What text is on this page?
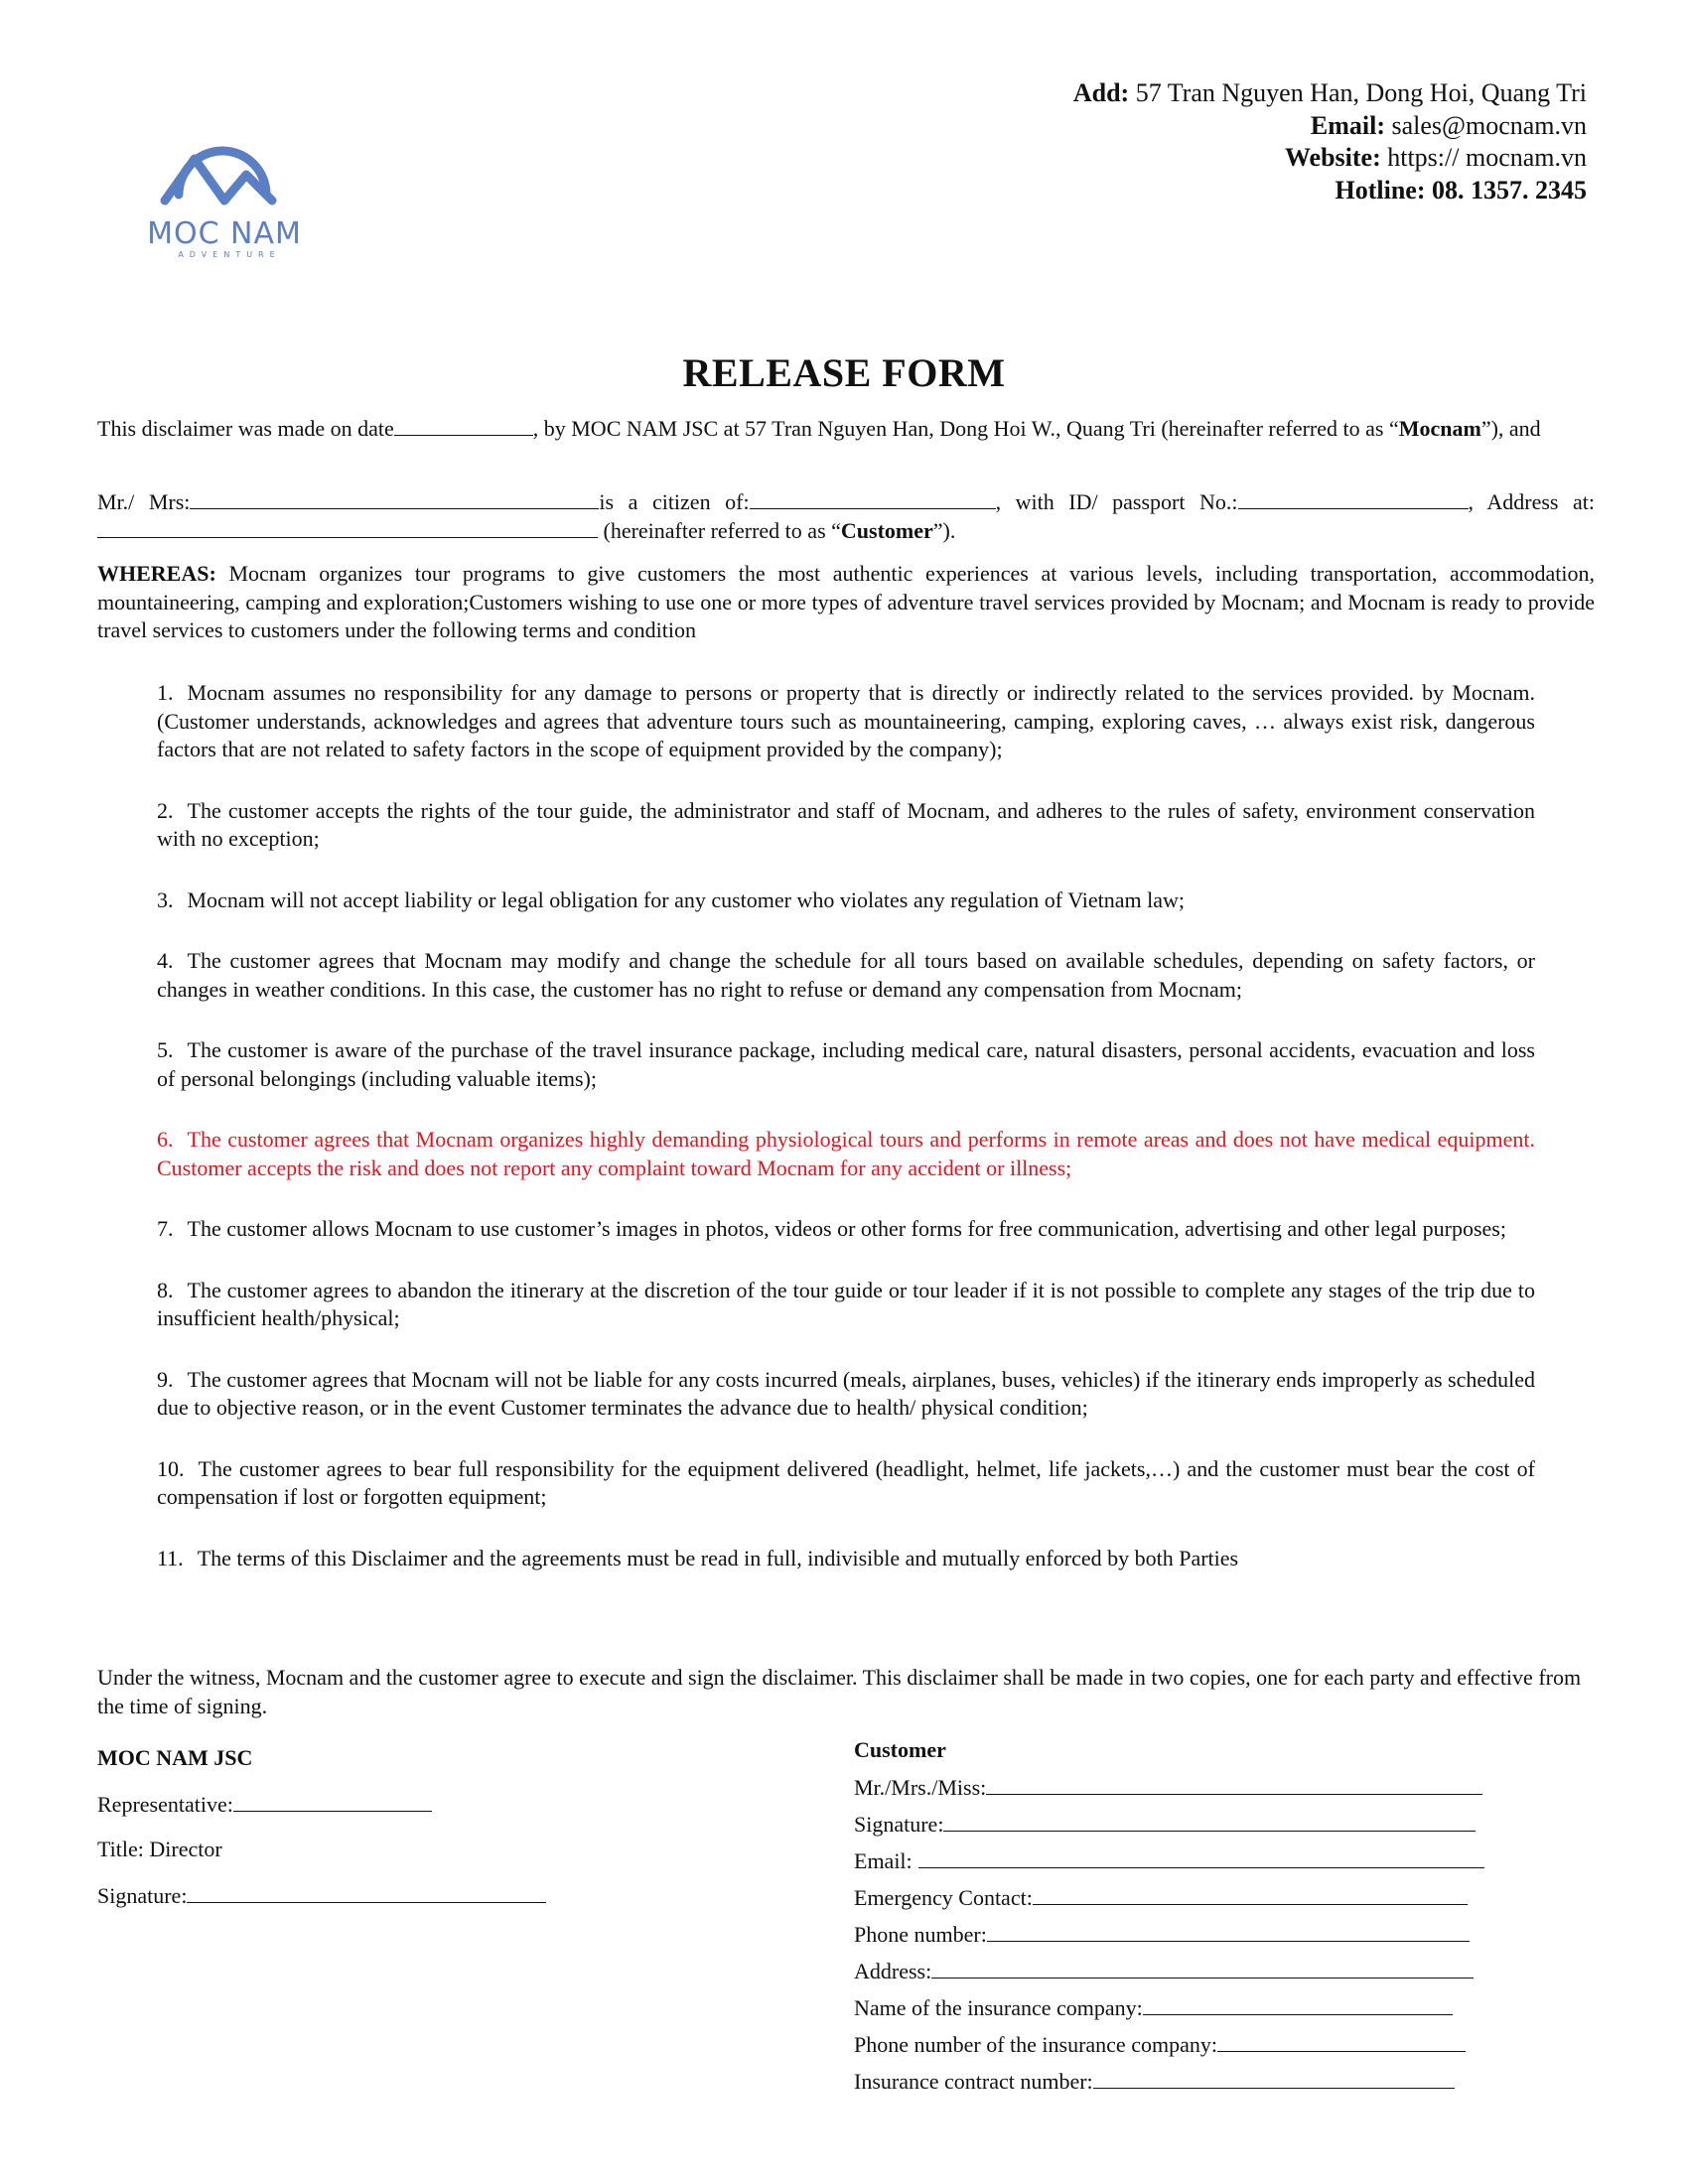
MOC NAM
ADVENTURE
Add: 57 Tran Nguyen Han, Dong Hoi, Quang Tri
Email: sales@mocnam.vn
Website: https:// mocnam.vn
Hotline: 08. 1357. 2345
RELEASE FORM
This disclaimer was made on date	, by MOC NAM JSC at 57 Tran Nguyen Han, Dong Hoi W., Quang Tri (hereinafter referred to as “Mocnam”), and
Mr./ Mrs:	is a citizen of:	, with ID/ passport No.:	, Address at: (hereinafter referred to as “Customer”).
WHEREAS: Mocnam organizes tour programs to give customers the most authentic experiences at various levels, including transportation, accommodation, mountaineering, camping and exploration;Customers wishing to use one or more types of adventure travel services provided by Mocnam; and Mocnam is ready to provide travel services to customers under the following terms and condition
1. Mocnam assumes no responsibility for any damage to persons or property that is directly or indirectly related to the services provided. by Mocnam. (Customer understands, acknowledges and agrees that adventure tours such as mountaineering, camping, exploring caves, … always exist risk, dangerous factors that are not related to safety factors in the scope of equipment provided by the company);
2. The customer accepts the rights of the tour guide, the administrator and staff of Mocnam, and adheres to the rules of safety, environment conservation with no exception;
3. Mocnam will not accept liability or legal obligation for any customer who violates any regulation of Vietnam law;
4. The customer agrees that Mocnam may modify and change the schedule for all tours based on available schedules, depending on safety factors, or changes in weather conditions. In this case, the customer has no right to refuse or demand any compensation from Mocnam;
5. The customer is aware of the purchase of the travel insurance package, including medical care, natural disasters, personal accidents, evacuation and loss of personal belongings (including valuable items);
6. The customer agrees that Mocnam organizes highly demanding physiological tours and performs in remote areas and does not have medical equipment. Customer accepts the risk and does not report any complaint toward Mocnam for any accident or illness;
7. The customer allows Mocnam to use customer’s images in photos, videos or other forms for free communication, advertising and other legal purposes;
8. The customer agrees to abandon the itinerary at the discretion of the tour guide or tour leader if it is not possible to complete any stages of the trip due to insufficient health/physical;
9. The customer agrees that Mocnam will not be liable for any costs incurred (meals, airplanes, buses, vehicles) if the itinerary ends improperly as scheduled due to objective reason, or in the event Customer terminates the advance due to health/ physical condition;
10. The customer agrees to bear full responsibility for the equipment delivered (headlight, helmet, life jackets,…) and the customer must bear the cost of compensation if lost or forgotten equipment;
11. The terms of this Disclaimer and the agreements must be read in full, indivisible and mutually enforced by both Parties
Under the witness, Mocnam and the customer agree to execute and sign the disclaimer. This disclaimer shall be made in two copies, one for each party and effective from the time of signing.
MOC NAM JSC
Representative:
Title: Director
Signature:
Customer
Mr./Mrs./Miss:
Signature:
Email:
Emergency Contact:
Phone number:
Address:
Name of the insurance company:
Phone number of the insurance company:
Insurance contract number:
